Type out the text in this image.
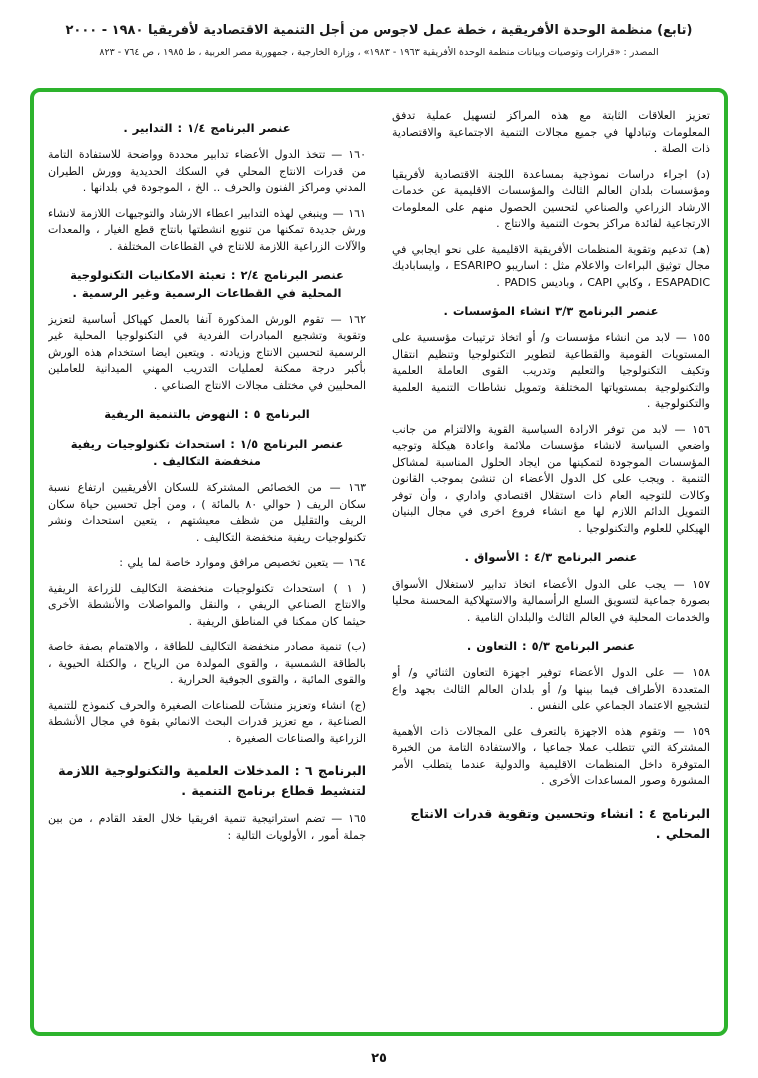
(تابع) منظمة الوحدة الأفريقية ، خطة عمل لاجوس من أجل التنمية الاقتصادية لأفريقيا ١٩٨٠ - ٢٠٠٠
المصدر : «قرارات وتوصيات وبيانات منظمة الوحدة الأفريقية ١٩٦٣ - ١٩٨٣» ، وزارة الخارجية ، جمهورية مصر العربية ، ط ١٩٨٥ ، ص ٧٦٤ - ٨٢٣
تعزيز العلاقات الثابتة مع هذه المراكز لتسهيل عملية تدفق المعلومات وتبادلها في جميع مجالات التنمية الاجتماعية والاقتصادية ذات الصلة .
(د) اجراء دراسات نموذجية بمساعدة اللجنة الاقتصادية لأفريقيا ومؤسسات بلدان العالم الثالث والمؤسسات الاقليمية عن خدمات الارشاد الزراعي والصناعي لتحسين الحصول منهم على المعلومات الارتجاعية لفائدة مراكز بحوث التنمية والانتاج .
(هـ) تدعيم وتقوية المنظمات الأفريقية الاقليمية على نحو ايجابي في مجال توثيق البراءات والاعلام مثل : اساريبو ESARIPO ، وايساباديك ESAPADIC ، وكابي CAPI ، وباديس PADIS .
عنصر البرنامج ٣/٣ انشاء المؤسسات .
١٥٥ — لابد من انشاء مؤسسات و/ أو اتخاذ ترتيبات مؤسسية على المستويات القومية والقطاعية لتطوير التكنولوجيا وتنظيم انتقال وتكيف التكنولوجيا والتعليم وتدريب القوى العاملة العلمية والتكنولوجية بمستوياتها المختلفة وتمويل نشاطات التنمية العلمية والتكنولوجية .
١٥٦ — لابد من توفر الارادة السياسية القوية والالتزام من جانب واضعي السياسة لانشاء مؤسسات ملائمة واعادة هيكلة وتوجيه المؤسسات الموجودة لتمكينها من ايجاد الحلول المناسبة لمشاكل التنمية . ويجب على كل الدول الأعضاء ان تنشئ بموجب القانون وكالات للتوجيه العام ذات استقلال اقتصادي واداري ، وأن توفر التمويل الدائم اللازم لها مع انشاء فروع اخرى في مجال البنيان الهيكلي للعلوم والتكنولوجيا .
عنصر البرنامج ٤/٣ : الأسواق .
١٥٧ — يجب على الدول الأعضاء اتخاذ تدابير لاستغلال الأسواق بصورة جماعية لتسويق السلع الرأسمالية والاستهلاكية المحسنة محليا والخدمات المحلية في العالم الثالث والبلدان النامية .
عنصر البرنامج ٥/٣ : التعاون .
١٥٨ — على الدول الأعضاء توفير اجهزة التعاون الثنائي و/ أو المتعددة الأطراف فيما بينها و/ أو بلدان العالم الثالث بجهد واع لتشجيع الاعتماد الجماعي على النفس .
١٥٩ — وتقوم هذه الاجهزة بالتعرف على المجالات ذات الأهمية المشتركة التي تتطلب عملا جماعيا ، والاستفادة التامة من الخبرة المتوفرة داخل المنظمات الاقليمية والدولية عندما يتطلب الأمر المشورة وصور المساعدات الأخرى .
البرنامج ٤ : انشاء وتحسين وتقوية قدرات الانتاج المحلي .
عنصر البرنامج ١/٤ : التدابير .
١٦٠ — تتخذ الدول الأعضاء تدابير محددة وواضحة للاستفادة التامة من قدرات الانتاج المحلي في السكك الحديدية وورش الطيران المدني ومراكز الفنون والحرف .. الخ ، الموجودة في بلدانها .
١٦١ — وينبغي لهذه التدابير اعطاء الارشاد والتوجيهات اللازمة لانشاء ورش جديدة تمكنها من تنويع انشطتها بانتاج قطع الغيار ، والمعدات والآلات الزراعية اللازمة للانتاج في القطاعات المختلفة .
عنصر البرنامج ٢/٤ : تعبئة الامكانيات التكنولوجية المحلية في القطاعات الرسمية وغير الرسمية .
١٦٢ — تقوم الورش المذكورة آنفا بالعمل كهياكل أساسية لتعزيز وتقوية وتشجيع المبادرات الفردية في التكنولوجيا المحلية غير الرسمية لتحسين الانتاج وزيادته . ويتعين ايضا استخدام هذه الورش بأكبر درجة ممكنة لعمليات التدريب المهني الميدانية للعاملين المحليين في مختلف مجالات الانتاج الصناعي .
البرنامج ٥ : النهوض بالتنمية الريفية
عنصر البرنامج ١/٥ : استحداث تكنولوجيات ريفية منخفضة التكاليف .
١٦٣ — من الخصائص المشتركة للسكان الأفريقيين ارتفاع نسبة سكان الريف ( حوالي ٨٠ بالمائة ) ، ومن أجل تحسين حياة سكان الريف والتقليل من شظف معيشتهم ، يتعين استحداث ونشر تكنولوجيات ريفية منخفضة التكاليف .
١٦٤ — يتعين تخصيص مرافق وموارد خاصة لما يلي :
( ١ ) استحداث تكنولوجيات منخفضة التكاليف للزراعة الريفية والانتاج الصناعي الريفي ، والنقل والمواصلات والأنشطة الأخرى حيثما كان ممكنا في المناطق الريفية .
(ب) تنمية مصادر منخفضة التكاليف للطاقة ، والاهتمام بصفة خاصة بالطاقة الشمسية ، والقوى المولدة من الرياح ، والكتلة الحيوية ، والقوى المائية ، والقوى الجوفية الحرارية .
(ج) انشاء وتعزيز منشآت للصناعات الصغيرة والحرف كنموذج للتنمية الصناعية ، مع تعزيز قدرات البحث الانمائي بقوة في مجال الأنشطة الزراعية والصناعات الصغيرة .
البرنامج ٦ : المدخلات العلمية والتكنولوجية اللازمة لتنشيط قطاع برنامج التنمية .
١٦٥ — تضم استراتيجية تنمية افريقيا خلال العقد القادم ، من بين جملة أمور ، الأولويات التالية :
٢٥
